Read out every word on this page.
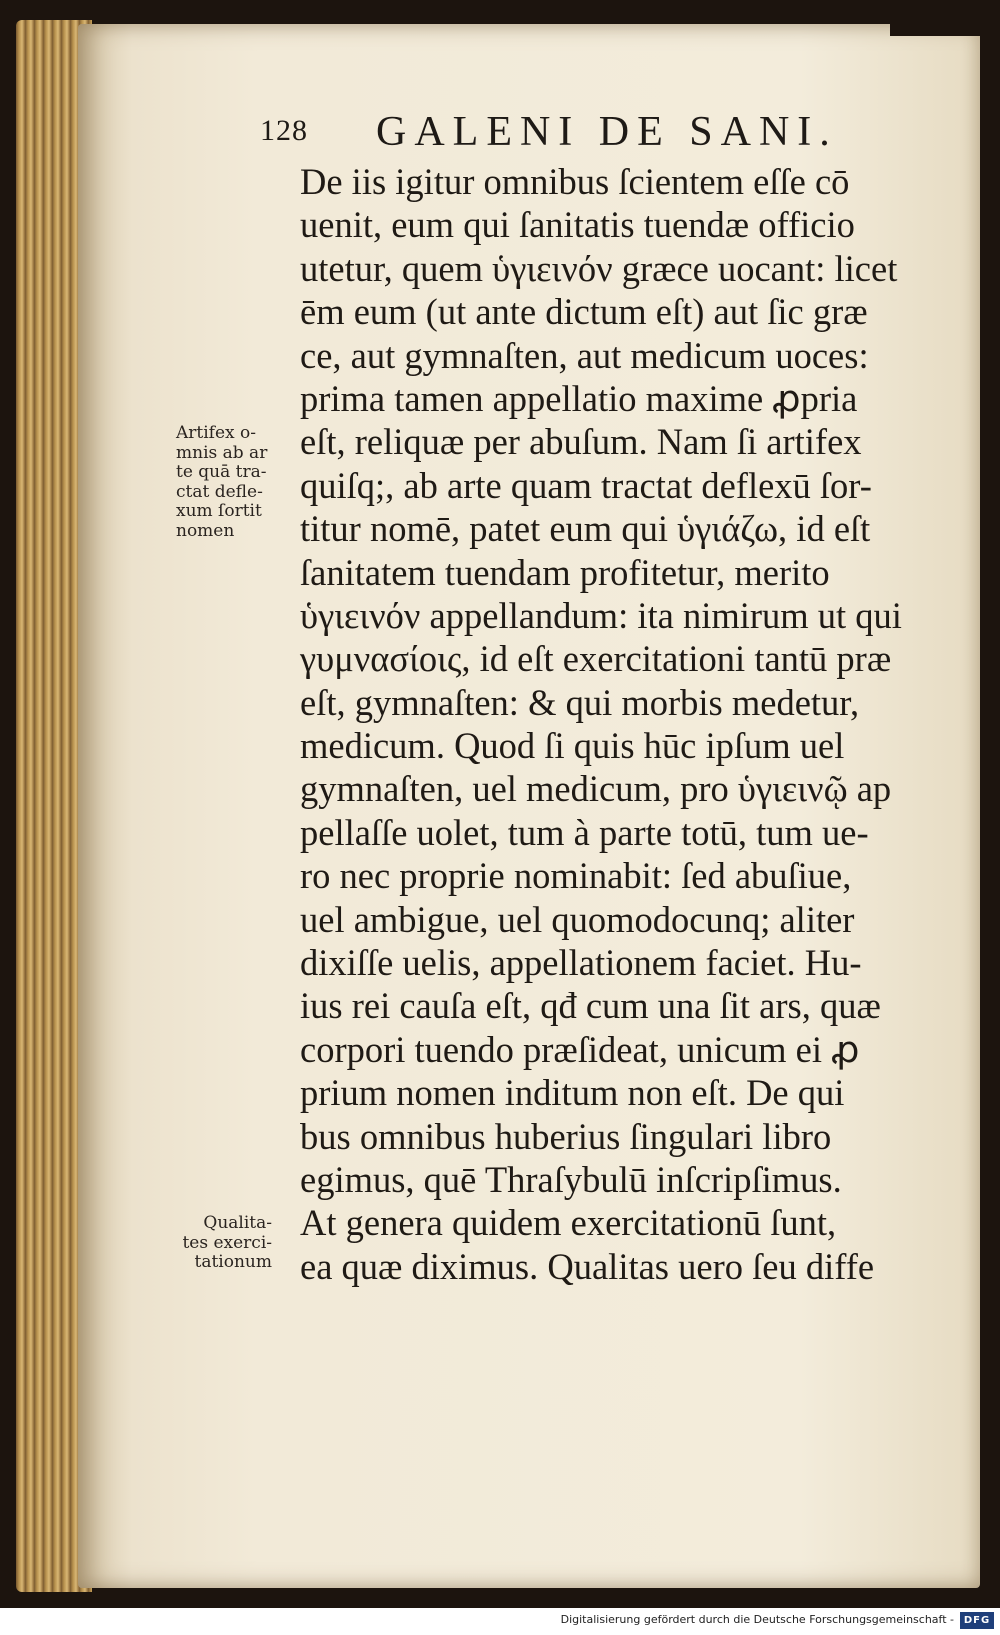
128 GALENI DE SANI.
Artifex o-
mnis ab ar
te quā tra-
ctat defle-
xum ſortit
nomen
De iis igitur omnibus ſcientem eſſe cō
uenit, eum qui ſanitatis tuendæ officio
utetur, quem ὑγιεινόν græce uocant: licet
ēm eum (ut ante dictum eſt) aut ſic græ
ce, aut gymnaſten, aut medicum uoces:
prima tamen appellatio maxime ꝓpria
eſt, reliquæ per abuſum. Nam ſi artifex
quiſq;, ab arte quam tractat deflexū ſor-
titur nomē, patet eum qui ὑγιάζω, id eſt
ſanitatem tuendam profitetur, merito
ὑγιεινόν appellandum: ita nimirum ut qui
γυμνασίοις, id eſt exercitationi tantū præ
eſt, gymnaſten: & qui morbis medetur,
medicum. Quod ſi quis hūc ipſum uel
gymnaſten, uel medicum, pro ὑγιεινῷ ap
pellaſſe uolet, tum à parte totū, tum ue-
ro nec proprie nominabit: ſed abuſiue,
uel ambigue, uel quomodocunq; aliter
dixiſſe uelis, appellationem faciet. Hu-
ius rei cauſa eſt, qđ cum una ſit ars, quæ
corpori tuendo præſideat, unicum ei ꝓ
prium nomen inditum non eſt. De qui
bus omnibus huberius ſingulari libro
egimus, quē Thraſybulū inſcripſimus.
At genera quidem exercitationū ſunt,
ea quæ diximus. Qualitas uero ſeu diffe
Qualita-
tes exerci-
tationum
Digitalisierung gefördert durch die Deutsche Forschungsgemeinschaft - DFG
